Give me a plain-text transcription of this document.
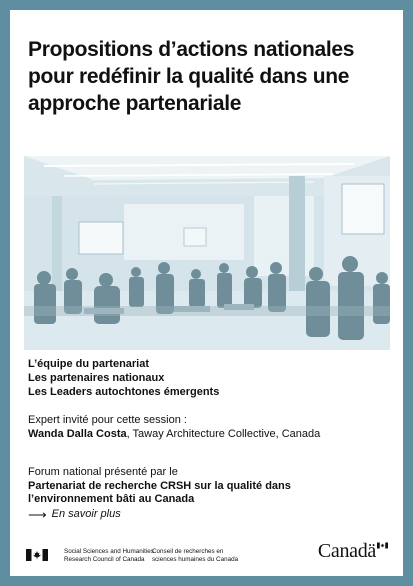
Propositions d’actions nationales pour redéfinir la qualité dans une approche partenariale
L’équipe du partenariat
Les partenaires nationaux
Les Leaders autochtones émergents
Expert invité pour cette session :
Wanda Dalla Costa, Taway Architecture Collective, Canada
Forum national présenté par le
Partenariat de recherche CRSH sur la qualité dans
l’environnement bâti au Canada
⟶ En savoir plus
Social Sciences and Humanities
Research Council of Canada
Conseil de recherches en
sciences humaines du Canada	Canadä
